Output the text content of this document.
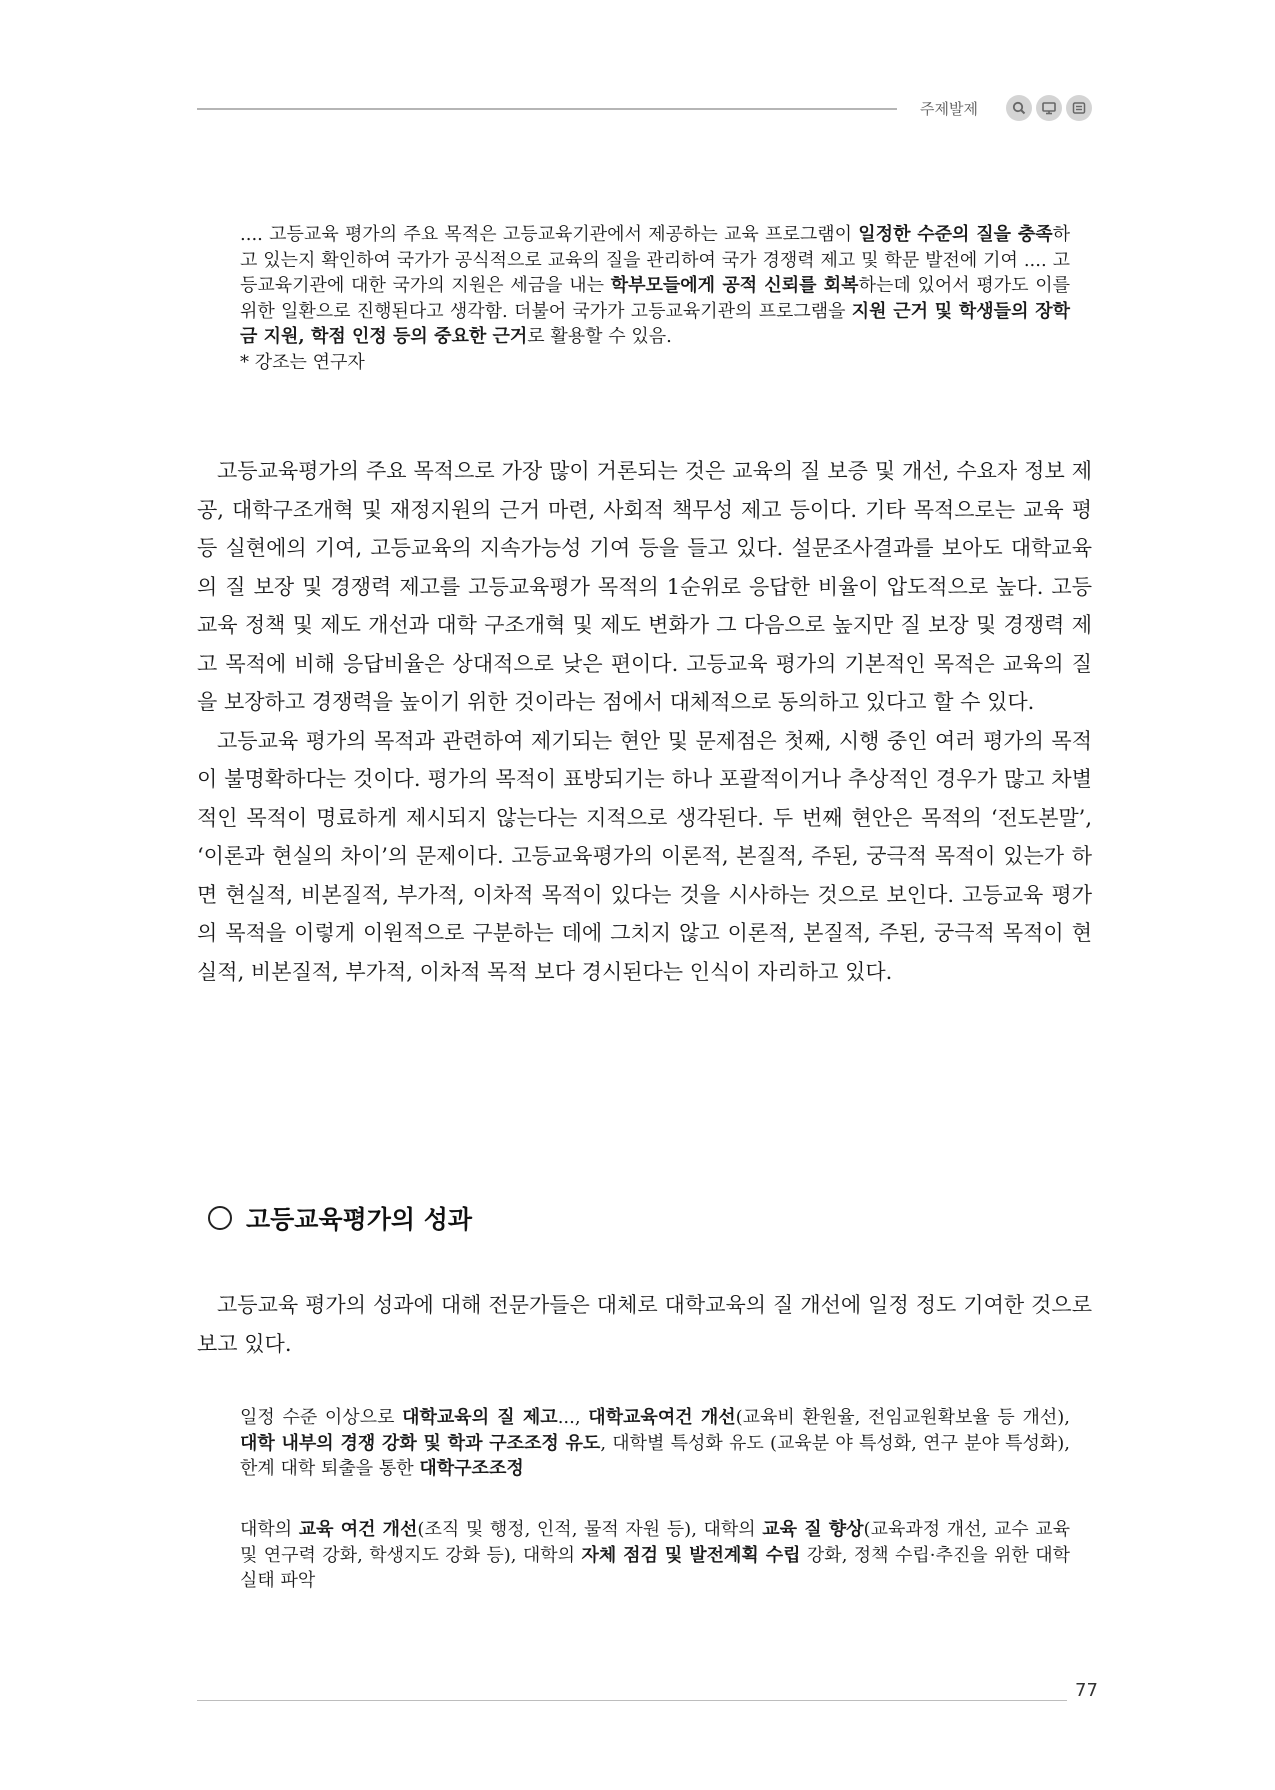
주제발제
.... 고등교육 평가의 주요 목적은 고등교육기관에서 제공하는 교육 프로그램이 일정한 수준의 질을 충족하고 있는지 확인하여 국가가 공식적으로 교육의 질을 관리하여 국가 경쟁력 제고 및 학문 발전에 기여 .... 고등교육기관에 대한 국가의 지원은 세금을 내는 학부모들에게 공적 신뢰를 회복하는데 있어서 평가도 이를 위한 일환으로 진행된다고 생각함. 더불어 국가가 고등교육기관의 프로그램을 지원 근거 및 학생들의 장학금 지원, 학점 인정 등의 중요한 근거로 활용할 수 있음.
* 강조는 연구자

고등교육평가의 주요 목적으로 가장 많이 거론되는 것은 교육의 질 보증 및 개선, 수요자 정보 제공, 대학구조개혁 및 재정지원의 근거 마련, 사회적 책무성 제고 등이다. 기타 목적으로는 교육 평등 실현에의 기여, 고등교육의 지속가능성 기여 등을 들고 있다. 설문조사결과를 보아도 대학교육의 질 보장 및 경쟁력 제고를 고등교육평가 목적의 1순위로 응답한 비율이 압도적으로 높다. 고등교육 정책 및 제도 개선과 대학 구조개혁 및 제도 변화가 그 다음으로 높지만 질 보장 및 경쟁력 제고 목적에 비해 응답비율은 상대적으로 낮은 편이다. 고등교육 평가의 기본적인 목적은 교육의 질을 보장하고 경쟁력을 높이기 위한 것이라는 점에서 대체적으로 동의하고 있다고 할 수 있다.

고등교육 평가의 목적과 관련하여 제기되는 현안 및 문제점은 첫째, 시행 중인 여러 평가의 목적이 불명확하다는 것이다. 평가의 목적이 표방되기는 하나 포괄적이거나 추상적인 경우가 많고 차별적인 목적이 명료하게 제시되지 않는다는 지적으로 생각된다. 두 번째 현안은 목적의 ‘전도본말’, ‘이론과 현실의 차이’의 문제이다. 고등교육평가의 이론적, 본질적, 주된, 궁극적 목적이 있는가 하면 현실적, 비본질적, 부가적, 이차적 목적이 있다는 것을 시사하는 것으로 보인다. 고등교육 평가의 목적을 이렇게 이원적으로 구분하는 데에 그치지 않고 이론적, 본질적, 주된, 궁극적 목적이 현실적, 비본질적, 부가적, 이차적 목적 보다 경시된다는 인식이 자리하고 있다.

고등교육평가의 성과

고등교육 평가의 성과에 대해 전문가들은 대체로 대학교육의 질 개선에 일정 정도 기여한 것으로 보고 있다.

일정 수준 이상으로 대학교육의 질 제고..., 대학교육여건 개선(교육비 환원율, 전임교원확보율 등 개선), 대학 내부의 경쟁 강화 및 학과 구조조정 유도, 대학별 특성화 유도 (교육분 야 특성화, 연구 분야 특성화), 한계 대학 퇴출을 통한 대학구조조정
대학의 교육 여건 개선(조직 및 행정, 인적, 물적 자원 등), 대학의 교육 질 향상(교육과정 개선, 교수 교육 및 연구력 강화, 학생지도 강화 등), 대학의 자체 점검 및 발전계획 수립 강화, 정책 수립·추진을 위한 대학 실태 파악
77
